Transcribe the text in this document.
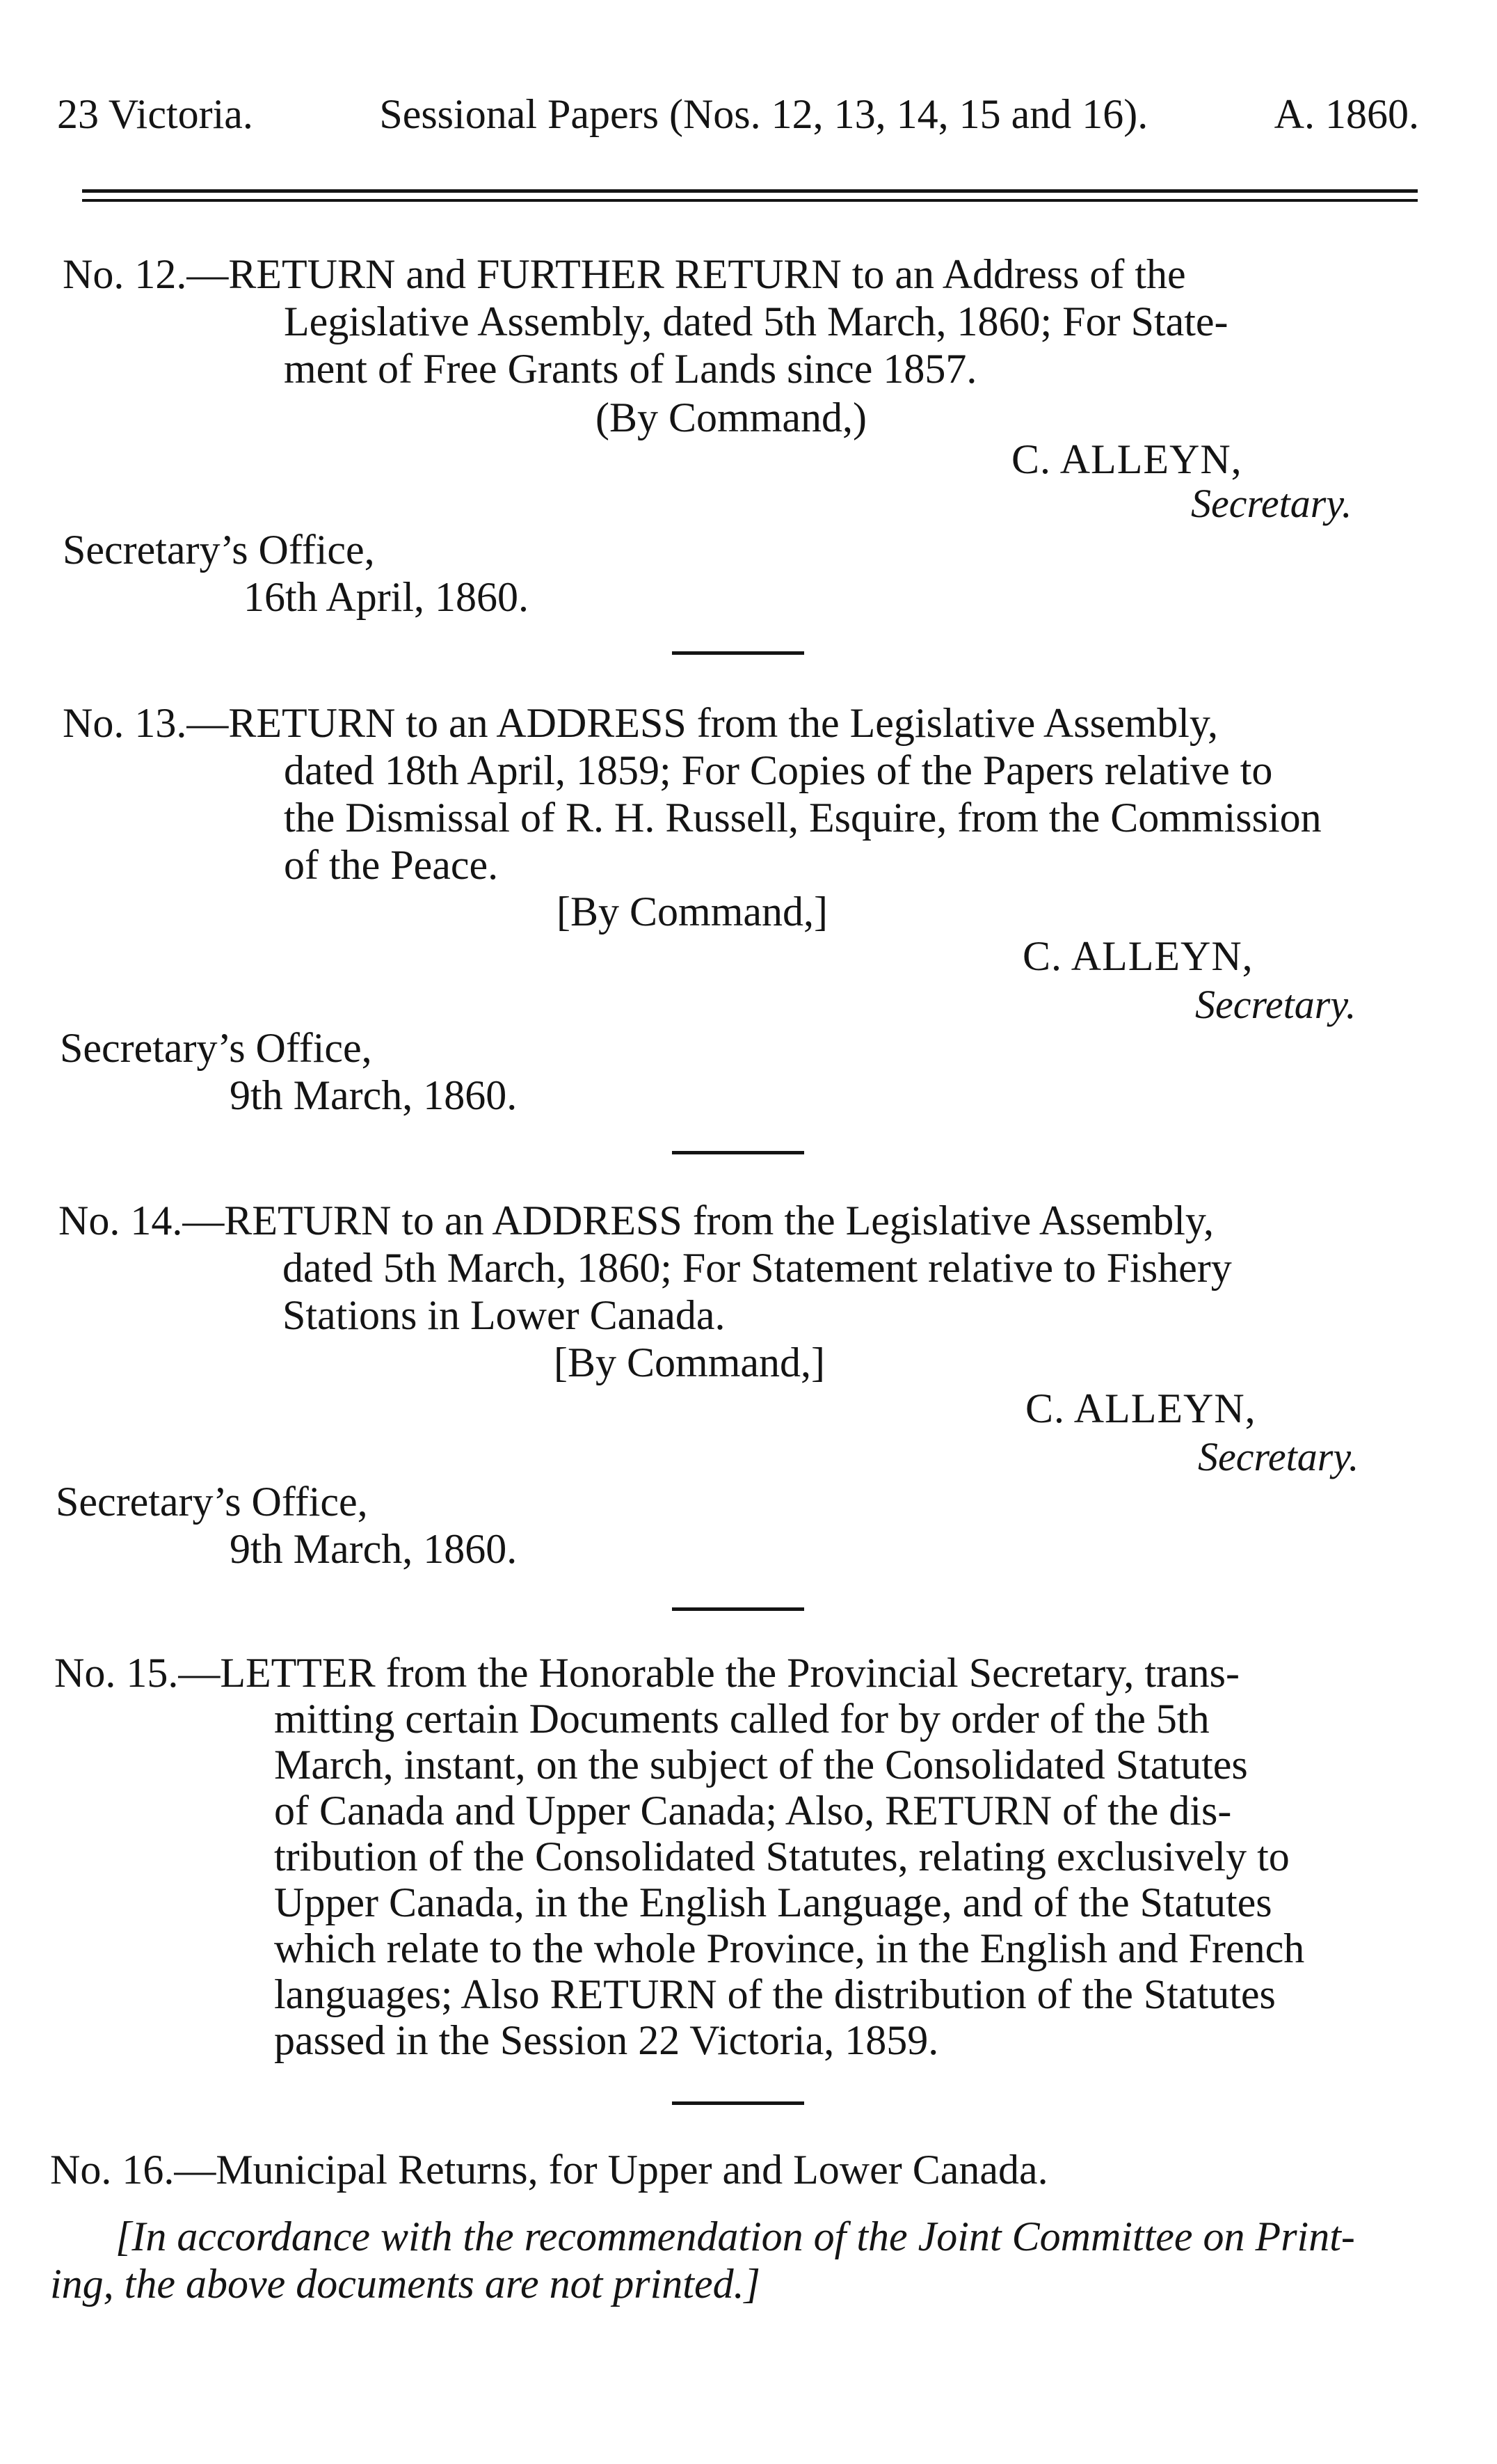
23 Victoria.	Sessional Papers (Nos. 12, 13, 14, 15 and 16).	A. 1860.
No. 12.—RETURN and FURTHER RETURN to an Address of the
Legislative Assembly, dated 5th March, 1860; For State-
ment of Free Grants of Lands since 1857.
(By Command,)
C. ALLEYN,
Secretary.
Secretary’s Office,
16th April, 1860.
No. 13.—RETURN to an ADDRESS from the Legislative Assembly,
dated 18th April, 1859; For Copies of the Papers relative to
the Dismissal of R. H. Russell, Esquire, from the Commission
of the Peace.
[By Command,]
C. ALLEYN,
Secretary.
Secretary’s Office,
9th March, 1860.
No. 14.—RETURN to an ADDRESS from the Legislative Assembly,
dated 5th March, 1860; For Statement relative to Fishery
Stations in Lower Canada.
[By Command,]
C. ALLEYN,
Secretary.
Secretary’s Office,
9th March, 1860.
No. 15.—LETTER from the Honorable the Provincial Secretary, trans-
mitting certain Documents called for by order of the 5th
March, instant, on the subject of the Consolidated Statutes
of Canada and Upper Canada; Also, RETURN of the dis-
tribution of the Consolidated Statutes, relating exclusively to
Upper Canada, in the English Language, and of the Statutes
which relate to the whole Province, in the English and French
languages; Also RETURN of the distribution of the Statutes
passed in the Session 22 Victoria, 1859.
No. 16.—Municipal Returns, for Upper and Lower Canada.
[In accordance with the recommendation of the Joint Committee on Print-
ing, the above documents are not printed.]
